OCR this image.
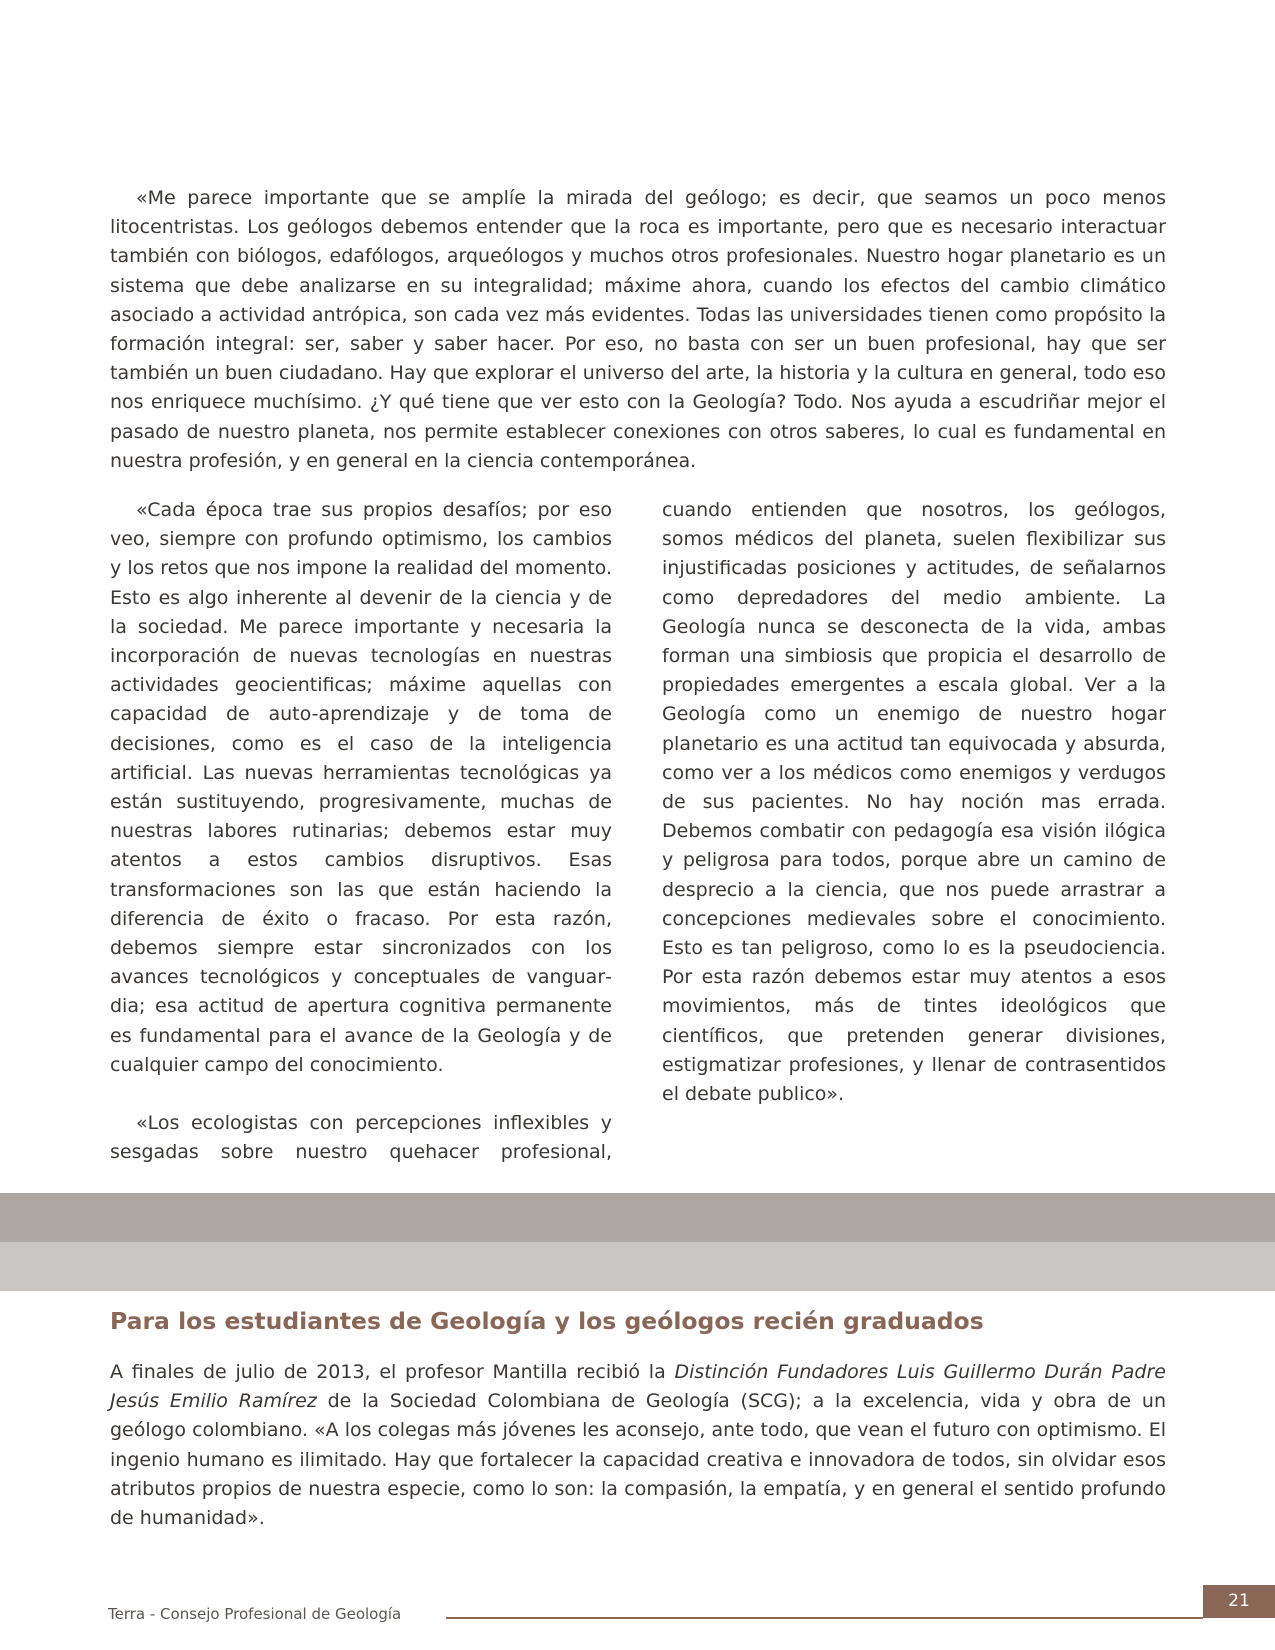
«Me parece importante que se amplíe la mirada del geólogo; es decir, que seamos un poco menos litocentristas. Los geólogos debemos entender que la roca es importante, pero que es necesario interactuar también con biólogos, edafólogos, arqueólogos y muchos otros profesionales. Nuestro hogar planetario es un sistema que debe analizarse en su integralidad; máxime ahora, cuando los efectos del cambio climático asociado a actividad antrópica, son cada vez más evidentes. Todas las universidades tienen como propósito la formación integral: ser, saber y saber hacer. Por eso, no basta con ser un buen profesional, hay que ser también un buen ciudadano. Hay que explorar el universo del arte, la historia y la cultura en general, todo eso nos enriquece muchísimo. ¿Y qué tiene que ver esto con la Geología? Todo. Nos ayuda a escudriñar mejor el pasado de nuestro planeta, nos permite establecer conexiones con otros saberes, lo cual es fundamental en nuestra profesión, y en general en la ciencia contemporánea.

«Cada época trae sus propios desafíos; por eso veo, siempre con profundo optimismo, los cambios y los retos que nos impone la realidad del momento. Esto es algo inherente al devenir de la ciencia y de la sociedad. Me parece importante y necesaria la incorporación de nuevas tecnologías en nuestras actividades geocientificas; máxime aquellas con capacidad de auto-aprendizaje y de toma de decisiones, como es el caso de la inteligencia artificial. Las nuevas herramientas tecnológicas ya están sustituyendo, progresivamente, muchas de nuestras labores rutinarias; debemos estar muy atentos a estos cambios disruptivos. Esas transformaciones son las que están haciendo la diferencia de éxito o fracaso. Por esta razón, debemos siempre estar sincronizados con los avances tecnológicos y conceptuales de vanguardia; esa actitud de apertura cognitiva permanente es fundamental para el avance de la Geología y de cualquier campo del conocimiento.

«Los ecologistas con percepciones inflexibles y sesgadas sobre nuestro quehacer profesional,

cuando entienden que nosotros, los geólogos, somos médicos del planeta, suelen flexibilizar sus injustificadas posiciones y actitudes, de señalarnos como depredadores del medio ambiente. La Geología nunca se desconecta de la vida, ambas forman una simbiosis que propicia el desarrollo de propiedades emergentes a escala global. Ver a la Geología como un enemigo de nuestro hogar planetario es una actitud tan equivocada y absurda, como ver a los médicos como enemigos y verdugos de sus pacientes. No hay noción mas errada. Debemos combatir con pedagogía esa visión ilógica y peligrosa para todos, porque abre un camino de desprecio a la ciencia, que nos puede arrastrar a concepciones medievales sobre el conocimiento. Esto es tan peligroso, como lo es la pseudociencia. Por esta razón debemos estar muy atentos a esos movimientos, más de tintes ideológicos que científicos, que pretenden generar divisiones, estigmatizar profesiones, y llenar de contrasentidos el debate publico».

Para los estudiantes de Geología y los geólogos recién graduados

A finales de julio de 2013, el profesor Mantilla recibió la Distinción Fundadores Luis Guillermo Durán Padre Jesús Emilio Ramírez de la Sociedad Colombiana de Geología (SCG); a la excelencia, vida y obra de un geólogo colombiano. «A los colegas más jóvenes les aconsejo, ante todo, que vean el futuro con optimismo. El ingenio humano es ilimitado. Hay que fortalecer la capacidad creativa e innovadora de todos, sin olvidar esos atributos propios de nuestra especie, como lo son: la compasión, la empatía, y en general el sentido profundo de humanidad».

Terra - Consejo Profesional de Geología
21
